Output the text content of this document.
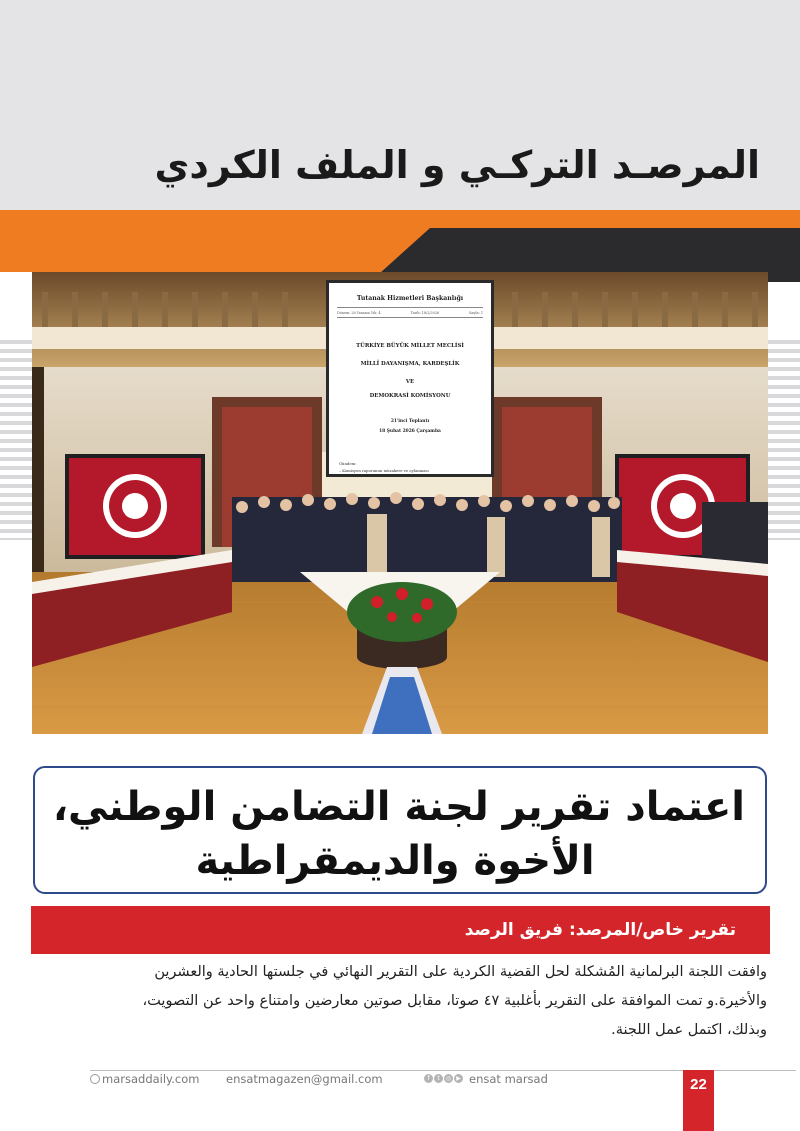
المرصـد التركـي و الملف الكردي
Tutanak Hizmetleri Başkanlığı
Dönem: 28 Yasama Yılı: 4	Tarih: 18/2/2026	Sayfa: 1
TÜRKİYE BÜYÜK MİLLET MECLİSİ
MİLLÎ DAYANIŞMA, KARDEŞLİK
VE
DEMOKRASİ KOMİSYONU
21'inci Toplantı
18 Şubat 2026 Çarşamba
Gündem:
– Komisyon raporunun müzakere ve oylanması
اعتماد تقرير لجنة التضامن الوطني،
الأخوة والديمقراطية
تقرير خاص/المرصد: فريق الرصد
وافقت اللجنة البرلمانية المُشكلة لحل القضية الكردية على التقرير النهائي في جلستها الحادية والعشرين
والأخيرة.و تمت الموافقة على التقرير بأغلبية ٤٧ صوتا، مقابل صوتين معارضين وامتناع واحد عن التصويت،
وبذلك، اكتمل عمل اللجنة.
marsaddaily.com ensatmagazen@gmail.com	f	t	◎ ▶ ensat marsad	22
